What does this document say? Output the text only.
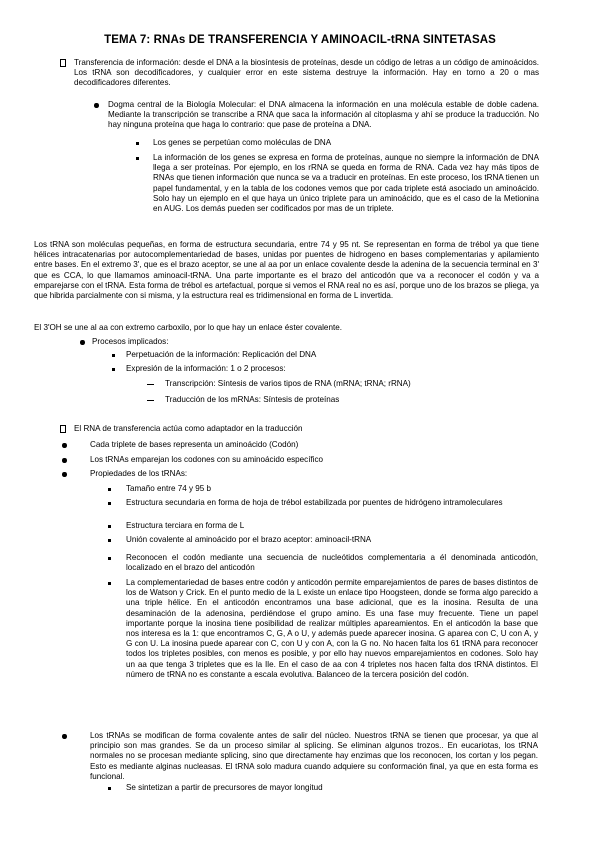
TEMA 7: RNAs DE TRANSFERENCIA Y AMINOACIL-tRNA SINTETASAS

Transferencia de información: desde el DNA a la biosíntesis de proteínas, desde un código de letras a un código de aminoácidos. Los tRNA son decodificadores, y cualquier error en este sistema destruye la información. Hay en torno a 20 o mas decodificadores diferentes.

Dogma central de la Biología Molecular: el DNA almacena la información en una molécula estable de doble cadena. Mediante la transcripción se transcribe a RNA que saca la información al citoplasma y ahí se produce la traducción. No hay ninguna proteína que haga lo contrario: que pase de proteína a DNA.

Los genes se perpetúan como moléculas de DNA

La información de los genes se expresa en forma de proteínas, aunque no siempre la información de DNA llega a ser proteínas. Por ejemplo, en los rRNA se queda en forma de RNA. Cada vez hay más tipos de RNAs que tienen información que nunca se va a traducir en proteínas. En este proceso, los tRNA tienen un papel fundamental, y en la tabla de los codones vemos que por cada triplete está asociado un aminoácido. Solo hay un ejemplo en el que haya un único triplete para un aminoácido, que es el caso de la Metionina en AUG. Los demás pueden ser codificados por mas de un triplete.

Los tRNA son moléculas pequeñas, en forma de estructura secundaria, entre 74 y 95 nt. Se representan en forma de trébol ya que tiene hélices intracatenarias por autocomplementariedad de bases, unidas por puentes de hidrogeno en bases complementarias y apilamiento entre bases. En el extremo 3', que es el brazo aceptor, se une al aa por un enlace covalente desde la adenina de la secuencia terminal en 3' que es CCA, lo que llamamos aminoacil-tRNA. Una parte importante es el brazo del anticodón que va a reconocer el codón y va a emparejarse con el tRNA. Esta forma de trébol es artefactual, porque si vemos el RNA real no es así, porque uno de los brazos se pliega, ya que hibrida parcialmente con si misma, y la estructura real es tridimensional en forma de L invertida.

El 3'OH se une al aa con extremo carboxilo, por lo que hay un enlace éster covalente.

Procesos implicados:

Perpetuación de la información: Replicación del DNA

Expresión de la información: 1 o 2 procesos:

Transcripción: Síntesis de varios tipos de RNA (mRNA; tRNA; rRNA)

Traducción de los mRNAs: Síntesis de proteínas

El RNA de transferencia actúa como adaptador en la traducción

Cada triplete de bases representa un aminoácido (Codón)

Los tRNAs emparejan los codones con su aminoácido específico

Propiedades de los tRNAs:

Tamaño entre 74 y 95 b

Estructura secundaria en forma de hoja de trébol estabilizada por puentes de hidrógeno intramoleculares

Estructura terciara en forma de L

Unión covalente al aminoácido por el brazo aceptor: aminoacil-tRNA

Reconocen el codón mediante una secuencia de nucleótidos complementaria a él denominada anticodón, localizado en el brazo del anticodón

La complementariedad de bases entre codón y anticodón permite emparejamientos de pares de bases distintos de los de Watson y Crick. En el punto medio de la L existe un enlace tipo Hoogsteen, donde se forma algo parecido a una triple hélice. En el anticodón encontramos una base adicional, que es la inosina. Resulta de una desaminación de la adenosina, perdiéndose el grupo amino. Es una fase muy frecuente. Tiene un papel importante porque la inosina tiene posibilidad de realizar múltiples apareamientos. En el anticodón la base que nos interesa es la 1: que encontramos C, G, A o U, y además puede aparecer inosina. G aparea con C, U con A, y G con U. La inosina puede aparear con C, con U y con A, con la G no. No hacen falta los 61 tRNA para reconocer todos los tripletes posibles, con menos es posible, y por ello hay nuevos emparejamientos en codones. Solo hay un aa que tenga 3 tripletes que es la Ile. En el caso de aa con 4 tripletes nos hacen falta dos tRNA distintos. El número de tRNA no es constante a escala evolutiva. Balanceo de la tercera posición del codón.

Los tRNAs se modifican de forma covalente antes de salir del núcleo. Nuestros tRNA se tienen que procesar, ya que al principio son mas grandes. Se da un proceso similar al splicing. Se eliminan algunos trozos.. En eucariotas, los tRNA normales no se procesan mediante splicing, sino que directamente hay enzimas que los reconocen, los cortan y los pegan. Esto es mediante alginas nucleasas. El tRNA solo madura cuando adquiere su conformación final, ya que en esta forma es funcional.

Se sintetizan a partir de precursores de mayor longitud
